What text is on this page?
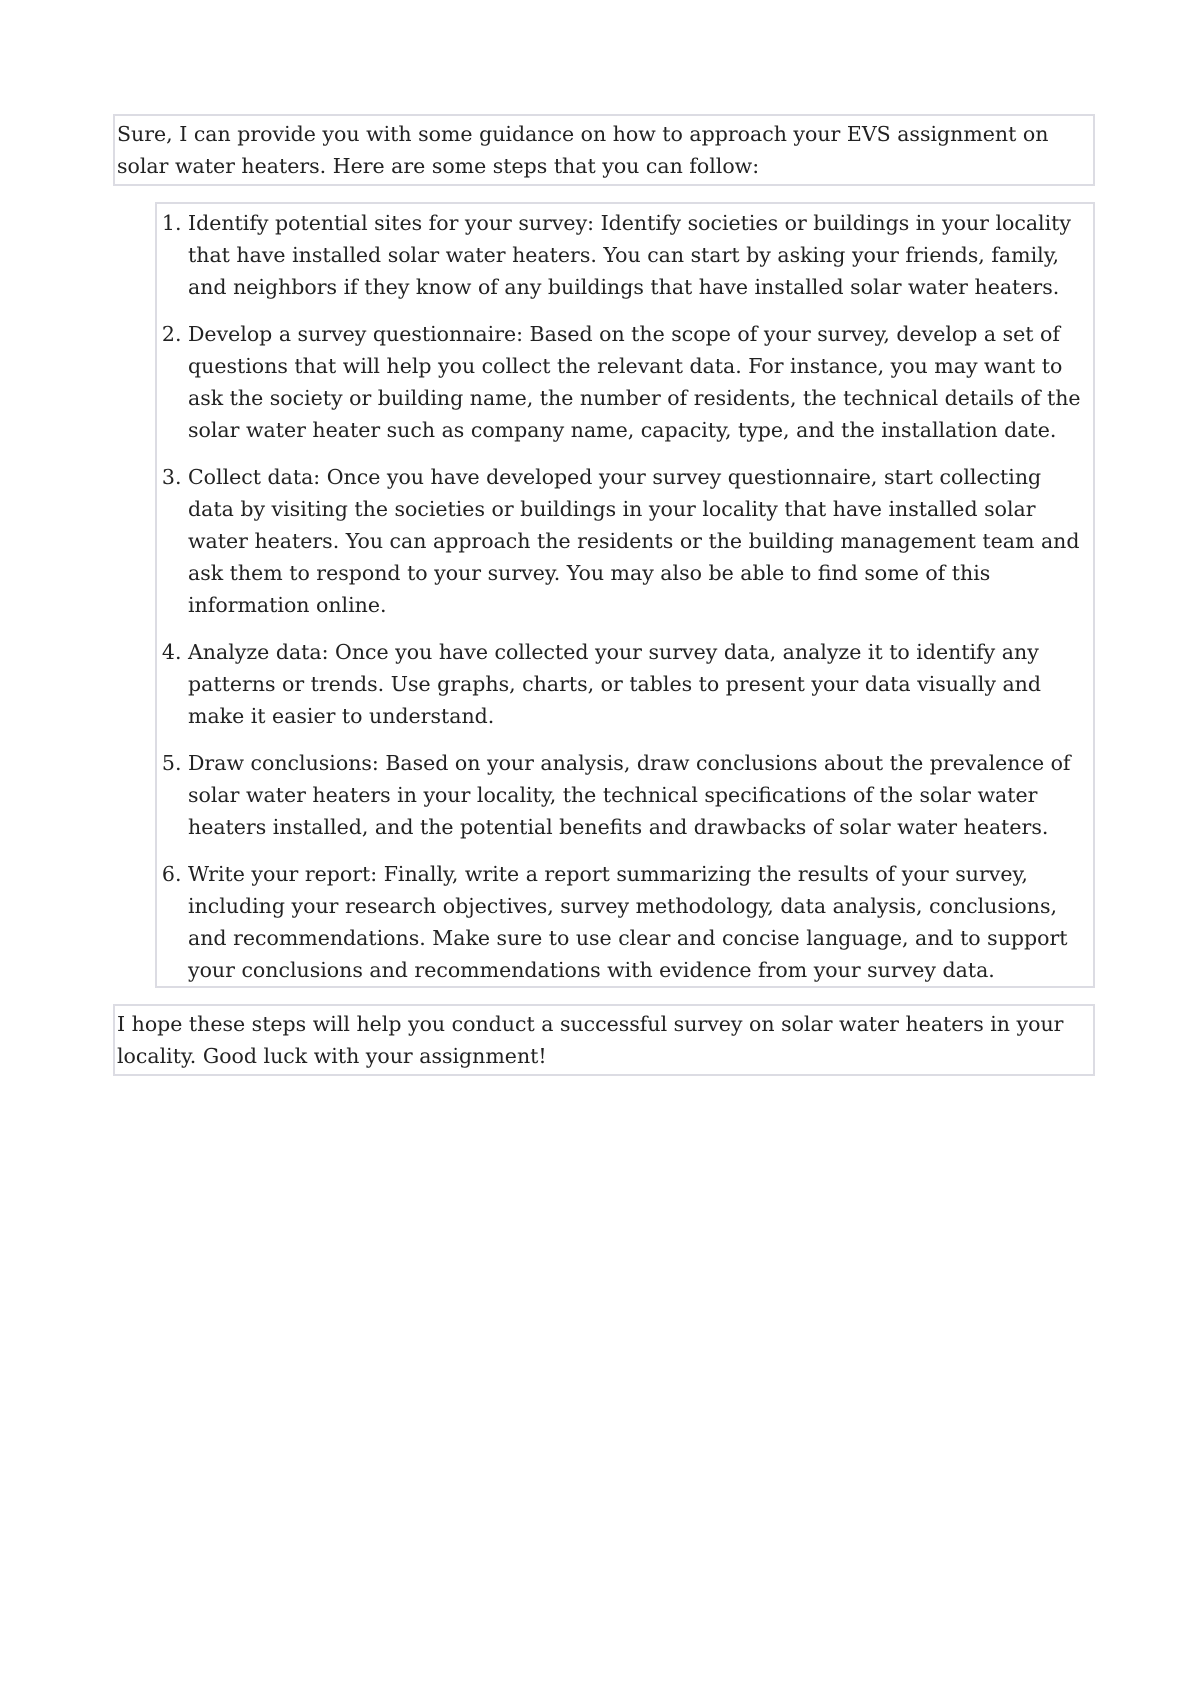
Sure, I can provide you with some guidance on how to approach your EVS assignment on solar water heaters. Here are some steps that you can follow:

1. Identify potential sites for your survey: Identify societies or buildings in your locality that have installed solar water heaters. You can start by asking your friends, family, and neighbors if they know of any buildings that have installed solar water heaters.
2. Develop a survey questionnaire: Based on the scope of your survey, develop a set of questions that will help you collect the relevant data. For instance, you may want to ask the society or building name, the number of residents, the technical details of the solar water heater such as company name, capacity, type, and the installation date.
3. Collect data: Once you have developed your survey questionnaire, start collecting data by visiting the societies or buildings in your locality that have installed solar water heaters. You can approach the residents or the building management team and ask them to respond to your survey. You may also be able to find some of this information online.
4. Analyze data: Once you have collected your survey data, analyze it to identify any patterns or trends. Use graphs, charts, or tables to present your data visually and make it easier to understand.
5. Draw conclusions: Based on your analysis, draw conclusions about the prevalence of solar water heaters in your locality, the technical specifications of the solar water heaters installed, and the potential benefits and drawbacks of solar water heaters.
6. Write your report: Finally, write a report summarizing the results of your survey, including your research objectives, survey methodology, data analysis, conclusions, and recommendations. Make sure to use clear and concise language, and to support your conclusions and recommendations with evidence from your survey data.

I hope these steps will help you conduct a successful survey on solar water heaters in your locality. Good luck with your assignment!
